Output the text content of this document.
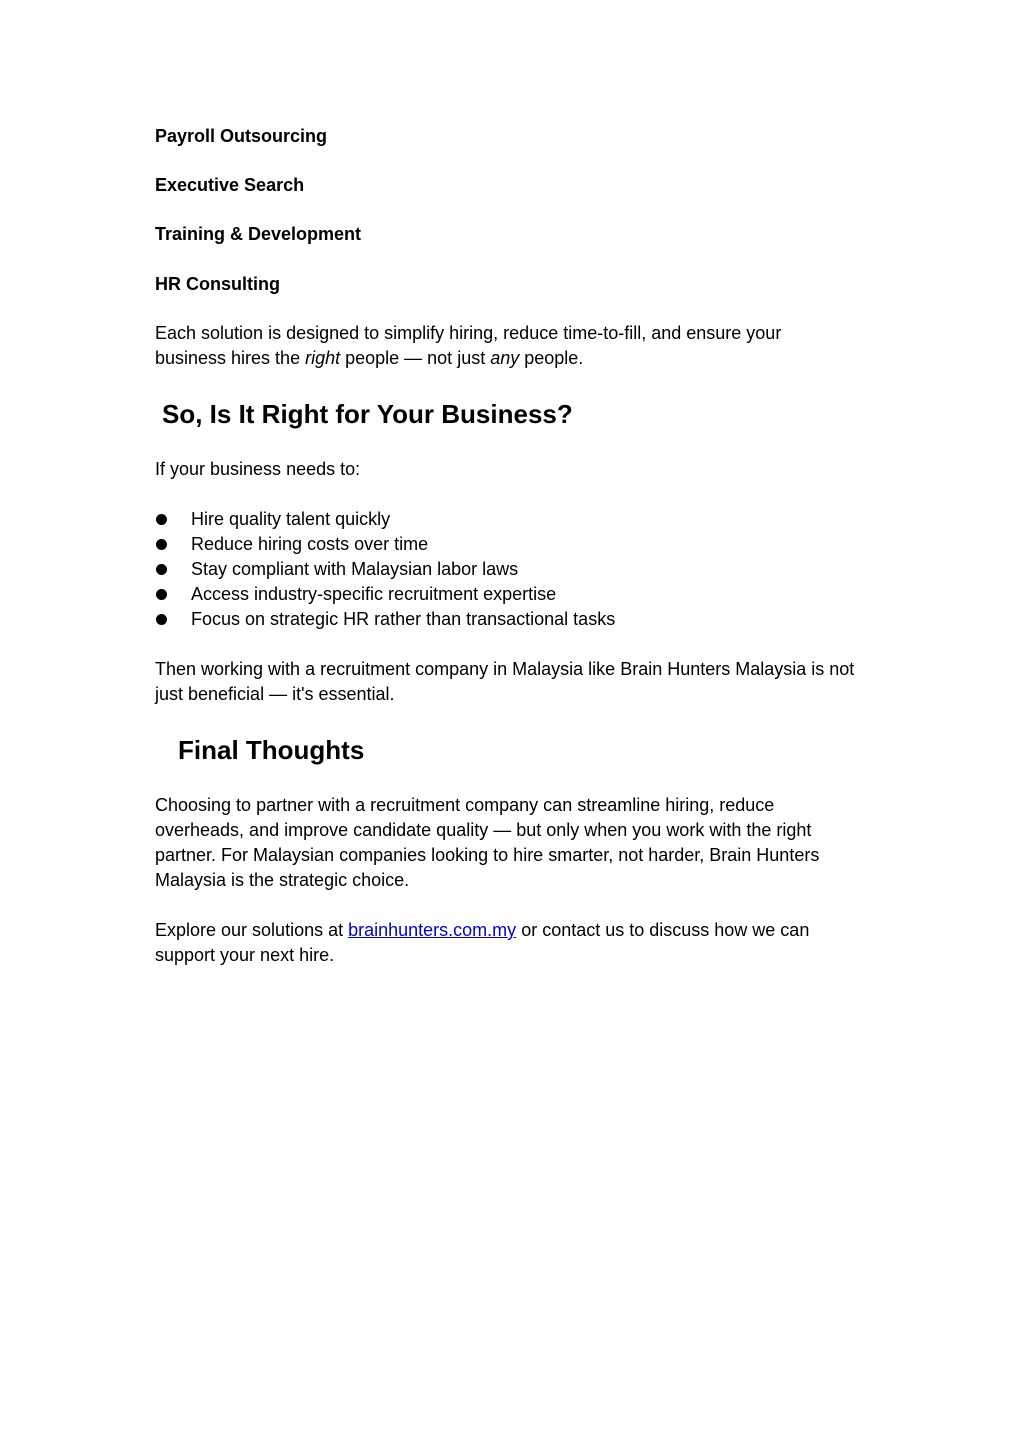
Payroll Outsourcing
Executive Search
Training & Development
HR Consulting

Each solution is designed to simplify hiring, reduce time-to-fill, and ensure your business hires the right people — not just any people.

So, Is It Right for Your Business?
If your business needs to:
Hire quality talent quickly
Reduce hiring costs over time
Stay compliant with Malaysian labor laws
Access industry-specific recruitment expertise
Focus on strategic HR rather than transactional tasks

Then working with a recruitment company in Malaysia like Brain Hunters Malaysia is not just beneficial — it's essential.

Final Thoughts

Choosing to partner with a recruitment company can streamline hiring, reduce overheads, and improve candidate quality — but only when you work with the right partner. For Malaysian companies looking to hire smarter, not harder, Brain Hunters Malaysia is the strategic choice.

Explore our solutions at brainhunters.com.my or contact us to discuss how we can support your next hire.
